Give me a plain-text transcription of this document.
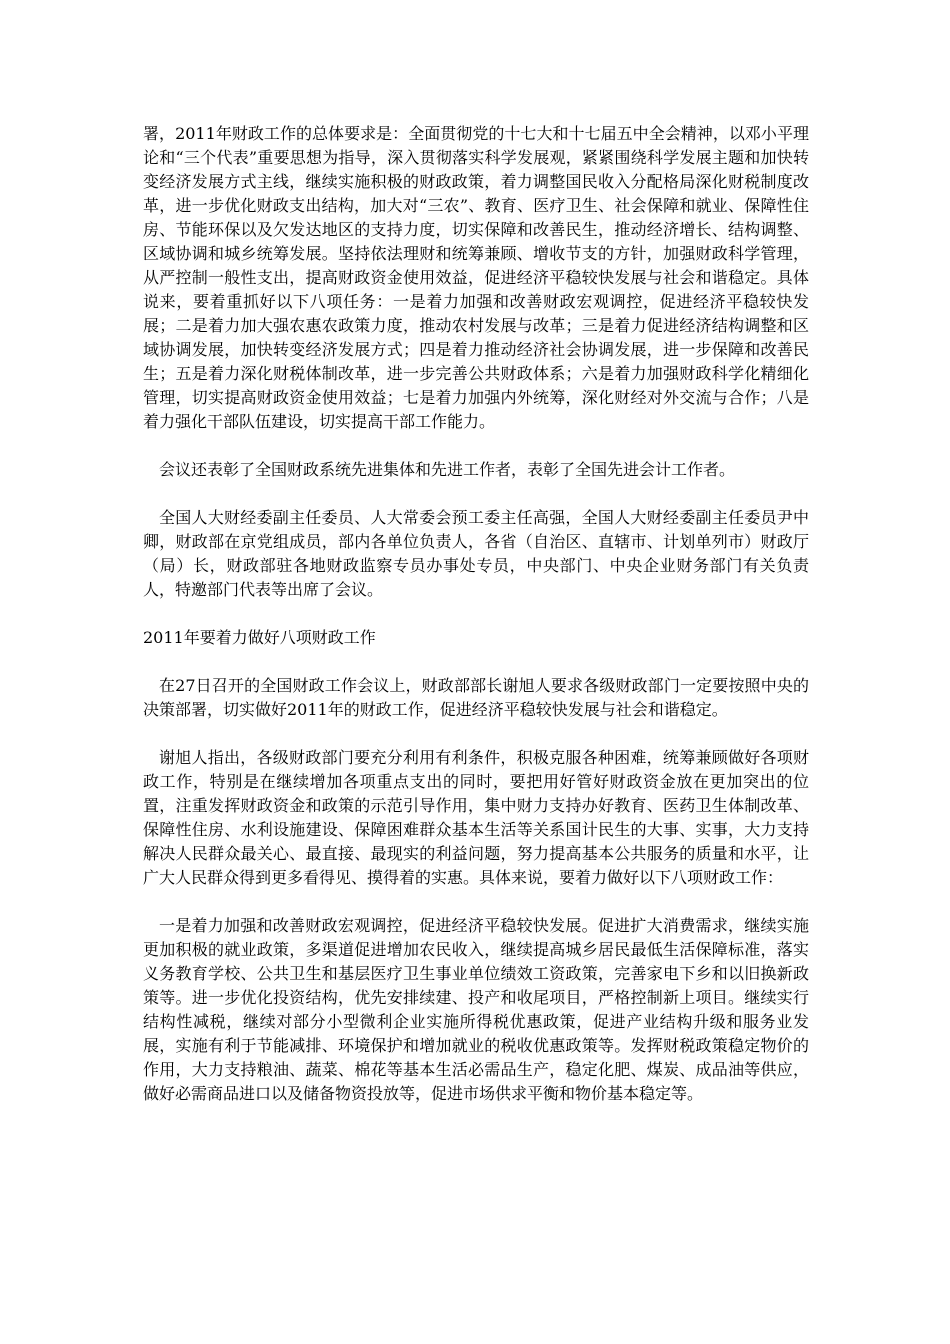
署，2011年财政工作的总体要求是：全面贯彻党的十七大和十七届五中全会精神，以邓小平理论和“三个代表”重要思想为指导，深入贯彻落实科学发展观，紧紧围绕科学发展主题和加快转变经济发展方式主线，继续实施积极的财政政策，着力调整国民收入分配格局深化财税制度改革，进一步优化财政支出结构，加大对“三农”、教育、医疗卫生、社会保障和就业、保障性住房、节能环保以及欠发达地区的支持力度，切实保障和改善民生，推动经济增长、结构调整、区域协调和城乡统筹发展。坚持依法理财和统筹兼顾、增收节支的方针，加强财政科学管理，从严控制一般性支出，提高财政资金使用效益，促进经济平稳较快发展与社会和谐稳定。具体说来，要着重抓好以下八项任务：一是着力加强和改善财政宏观调控，促进经济平稳较快发展；二是着力加大强农惠农政策力度，推动农村发展与改革；三是着力促进经济结构调整和区域协调发展，加快转变经济发展方式；四是着力推动经济社会协调发展，进一步保障和改善民生；五是着力深化财税体制改革，进一步完善公共财政体系；六是着力加强财政科学化精细化管理，切实提高财政资金使用效益；七是着力加强内外统筹，深化财经对外交流与合作；八是着力强化干部队伍建设，切实提高干部工作能力。

会议还表彰了全国财政系统先进集体和先进工作者，表彰了全国先进会计工作者。

全国人大财经委副主任委员、人大常委会预工委主任高强，全国人大财经委副主任委员尹中卿，财政部在京党组成员，部内各单位负责人，各省（自治区、直辖市、计划单列市）财政厅（局）长，财政部驻各地财政监察专员办事处专员，中央部门、中央企业财务部门有关负责人，特邀部门代表等出席了会议。

2011年要着力做好八项财政工作

在27日召开的全国财政工作会议上，财政部部长谢旭人要求各级财政部门一定要按照中央的决策部署，切实做好2011年的财政工作，促进经济平稳较快发展与社会和谐稳定。

谢旭人指出，各级财政部门要充分利用有利条件，积极克服各种困难，统筹兼顾做好各项财政工作，特别是在继续增加各项重点支出的同时，要把用好管好财政资金放在更加突出的位置，注重发挥财政资金和政策的示范引导作用，集中财力支持办好教育、医药卫生体制改革、保障性住房、水利设施建设、保障困难群众基本生活等关系国计民生的大事、实事，大力支持解决人民群众最关心、最直接、最现实的利益问题，努力提高基本公共服务的质量和水平，让广大人民群众得到更多看得见、摸得着的实惠。具体来说，要着力做好以下八项财政工作：

一是着力加强和改善财政宏观调控，促进经济平稳较快发展。促进扩大消费需求，继续实施更加积极的就业政策，多渠道促进增加农民收入，继续提高城乡居民最低生活保障标准，落实义务教育学校、公共卫生和基层医疗卫生事业单位绩效工资政策，完善家电下乡和以旧换新政策等。进一步优化投资结构，优先安排续建、投产和收尾项目，严格控制新上项目。继续实行结构性减税，继续对部分小型微利企业实施所得税优惠政策，促进产业结构升级和服务业发展，实施有利于节能减排、环境保护和增加就业的税收优惠政策等。发挥财税政策稳定物价的作用，大力支持粮油、蔬菜、棉花等基本生活必需品生产，稳定化肥、煤炭、成品油等供应，做好必需商品进口以及储备物资投放等，促进市场供求平衡和物价基本稳定等。
